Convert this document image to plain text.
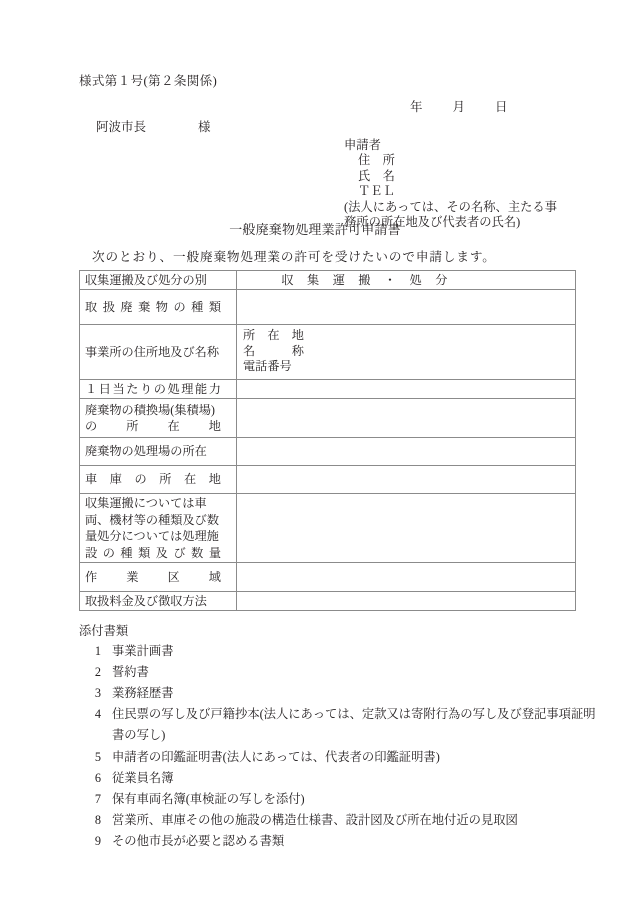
様式第１号(第２条関係)
年 月 日
阿波市長	様
申請者
住　所
氏　名
ＴＥＬ
(法人にあっては、その名称、主たる事
務所の所在地及び代表者の氏名)
一般廃棄物処理業許可申請書
次のとおり、一般廃棄物処理業の許可を受けたいので申請します。
収集運搬及び処分の別	収 集 運 搬 ・ 処 分

取 扱 廃 棄 物 の 種 類

事業所の住所地及び名称	所　在　地
名　　　称
電話番号

１ 日 当 た り の 処 理 能 力

廃棄物の積換場(集積場)
の 所 在 地	

廃棄物の処理場の所在	

車 庫 の 所 在 地

収集運搬については車
両、機材等の種類及び数
量処分については処理施
設 の 種 類 及 び 数 量

作 業 区 域	

取扱料金及び徴収方法	

添付書類
1 事業計画書
2 誓約書
3 業務経歴書
4 住民票の写し及び戸籍抄本(法人にあっては、定款又は寄附行為の写し及び登記事項証明書の写し)
5 申請者の印鑑証明書(法人にあっては、代表者の印鑑証明書)
6 従業員名簿
7 保有車両名簿(車検証の写しを添付)
8 営業所、車庫その他の施設の構造仕様書、設計図及び所在地付近の見取図
9 その他市長が必要と認める書類
